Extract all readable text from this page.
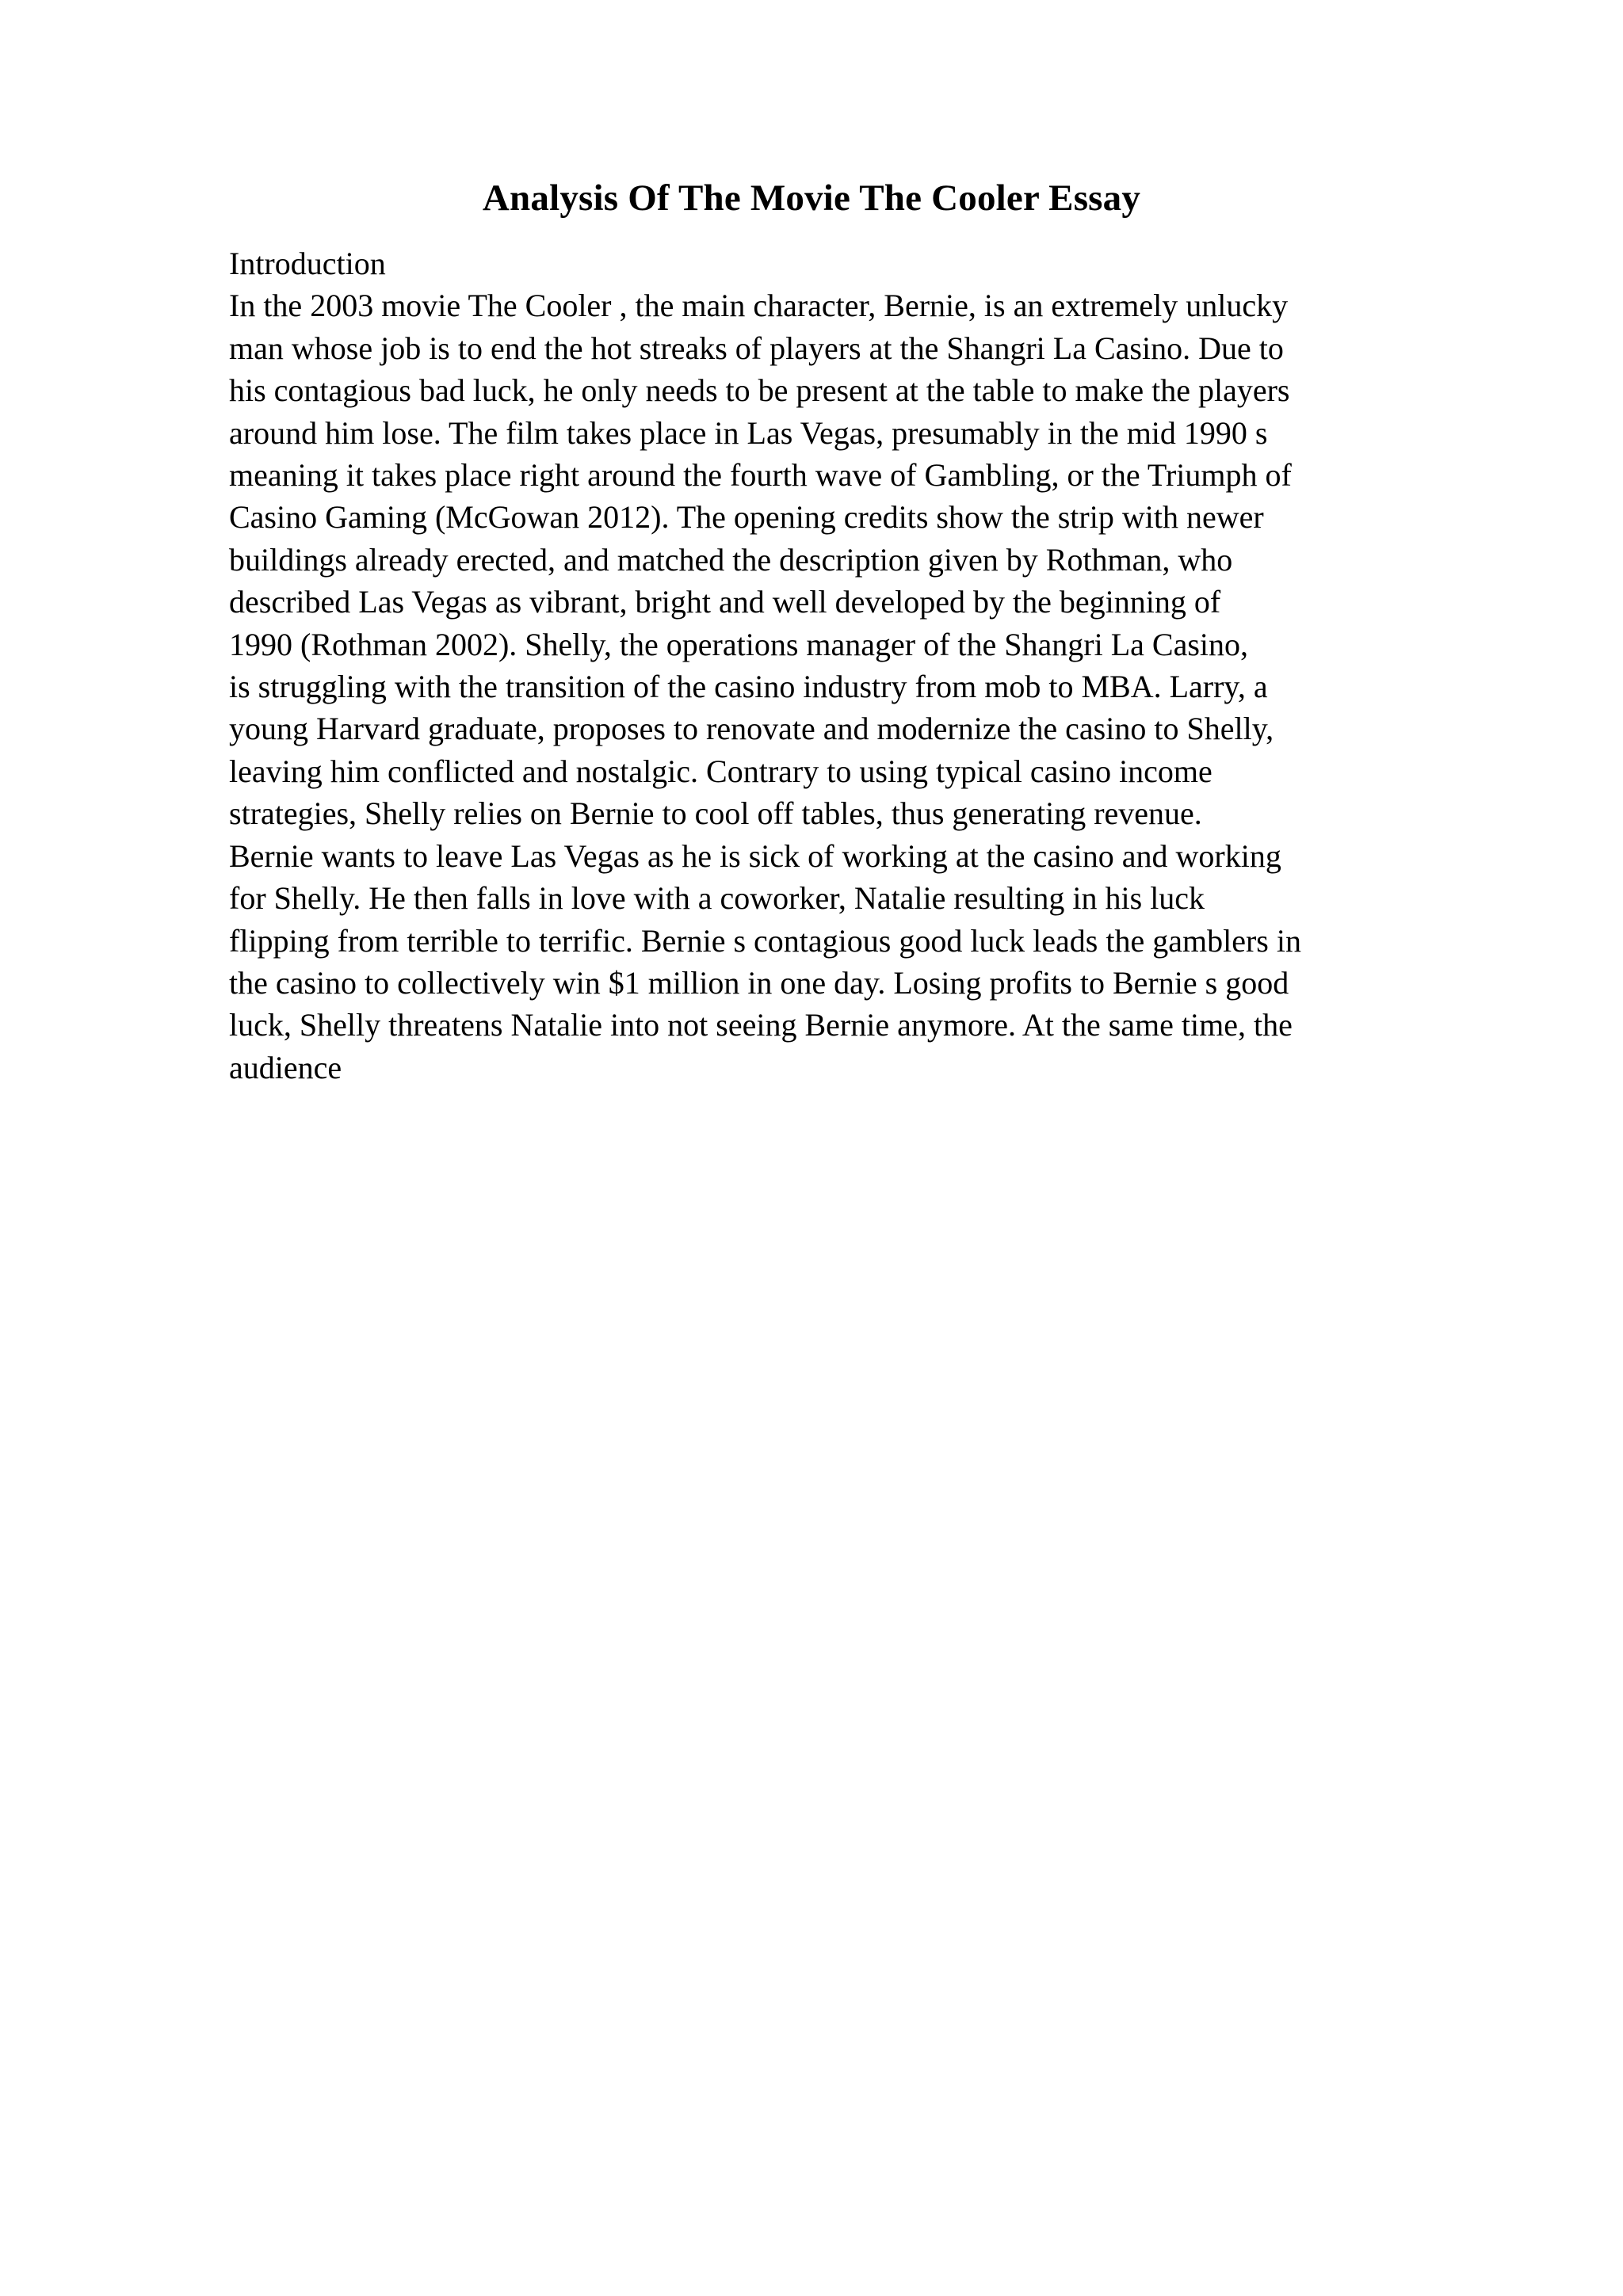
Analysis Of The Movie The Cooler Essay
Introduction
In the 2003 movie The Cooler , the main character, Bernie, is an extremely unlucky
man whose job is to end the hot streaks of players at the Shangri La Casino. Due to
his contagious bad luck, he only needs to be present at the table to make the players
around him lose. The film takes place in Las Vegas, presumably in the mid 1990 s
meaning it takes place right around the fourth wave of Gambling, or the Triumph of
Casino Gaming (McGowan 2012). The opening credits show the strip with newer
buildings already erected, and matched the description given by Rothman, who
described Las Vegas as vibrant, bright and well developed by the beginning of
1990 (Rothman 2002). Shelly, the operations manager of the Shangri La Casino,
is struggling with the transition of the casino industry from mob to MBA. Larry, a
young Harvard graduate, proposes to renovate and modernize the casino to Shelly,
leaving him conflicted and nostalgic. Contrary to using typical casino income
strategies, Shelly relies on Bernie to cool off tables, thus generating revenue.
Bernie wants to leave Las Vegas as he is sick of working at the casino and working
for Shelly. He then falls in love with a coworker, Natalie resulting in his luck
flipping from terrible to terrific. Bernie s contagious good luck leads the gamblers in
the casino to collectively win $1 million in one day. Losing profits to Bernie s good
luck, Shelly threatens Natalie into not seeing Bernie anymore. At the same time, the
audience
